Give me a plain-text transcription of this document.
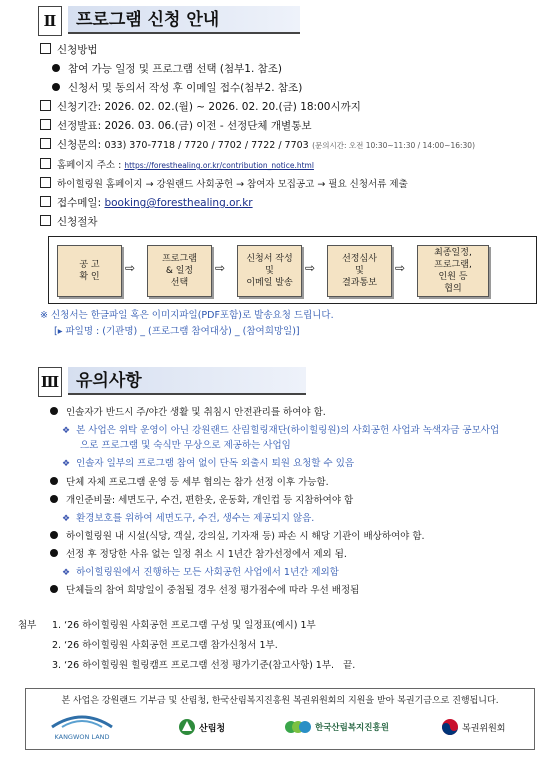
Ⅱ	프로그램 신청 안내
신청방법
참여 가능 일정 및 프로그램 선택 (첨부1. 참조)
신청서 및 동의서 작성 후 이메일 접수(첨부2. 참조)
신청기간: 2026. 02. 02.(월) ~ 2026. 02. 20.(금) 18:00시까지
선정발표: 2026. 03. 06.(금) 이전 - 선정단체 개별통보
신청문의: 033) 370-7718 / 7720 / 7702 / 7722 / 7703 (문의시간: 오전 10:30~11:30 / 14:00~16:30)
홈페이지 주소 : https://foresthealing.or.kr/contribution_notice.html
하이힐링원 홈페이지 → 강원랜드 사회공헌 → 참여자 모집공고 → 필요 신청서류 제출
접수메일: booking@foresthealing.or.kr
신청절차
공 고
확 인
⇨
프로그램
& 일정
선택
⇨
신청서 작성
및
이메일 발송
⇨
선정심사
및
결과통보
⇨
최종일정,
프로그램,
인원 등
협의
※ 신청서는 한글파일 혹은 이미지파일(PDF포함)로 발송요청 드립니다.
[▸ 파일명 : (기관명) _ (프로그램 참여대상) _ (참여희망일)]
Ⅲ 유의사항
인솔자가 반드시 주/야간 생활 및 취침시 안전관리를 하여야 함.
❖ 본 사업은 위탁 운영이 아닌 강원랜드 산림힐링재단(하이힐링원)의 사회공헌 사업과 녹색자금 공모사업
으로 프로그램 및 숙식만 무상으로 제공하는 사업임
❖ 인솔자 일부의 프로그램 참여 없이 단독 외출시 퇴원 요청할 수 있음
단체 자체 프로그램 운영 등 세부 협의는 참가 선정 이후 가능함.
개인준비물: 세면도구, 수건, 편한옷, 운동화, 개인컵 등 지참하여야 함
❖ 환경보호를 위하여 세면도구, 수건, 생수는 제공되지 않음.
하이힐링원 내 시설(식당, 객실, 강의실, 기자재 등) 파손 시 해당 기관이 배상하여야 함.
선정 후 정당한 사유 없는 일정 취소 시 1년간 참가선정에서 제외 됨.
❖ 하이힐링원에서 진행하는 모든 사회공헌 사업에서 1년간 제외함
단체들의 참여 희망일이 중첩될 경우 선정 평가점수에 따라 우선 배정됨
첨부 1. ‘26 하이힐링원 사회공헌 프로그램 구성 및 일정표(예시) 1부
2. ‘26 하이힐링원 사회공헌 프로그램 참가신청서 1부.
3. ‘26 하이힐링원 힐링캠프 프로그램 선정 평가기준(참고사항) 1부. 끝.
본 사업은 강원랜드 기부금 및 산림청, 한국산림복지진흥원 복권위원회의 지원을 받아 복권기금으로 진행됩니다.
KANGWON LAND
산림청	한국산림복지진흥원	복권위원회
